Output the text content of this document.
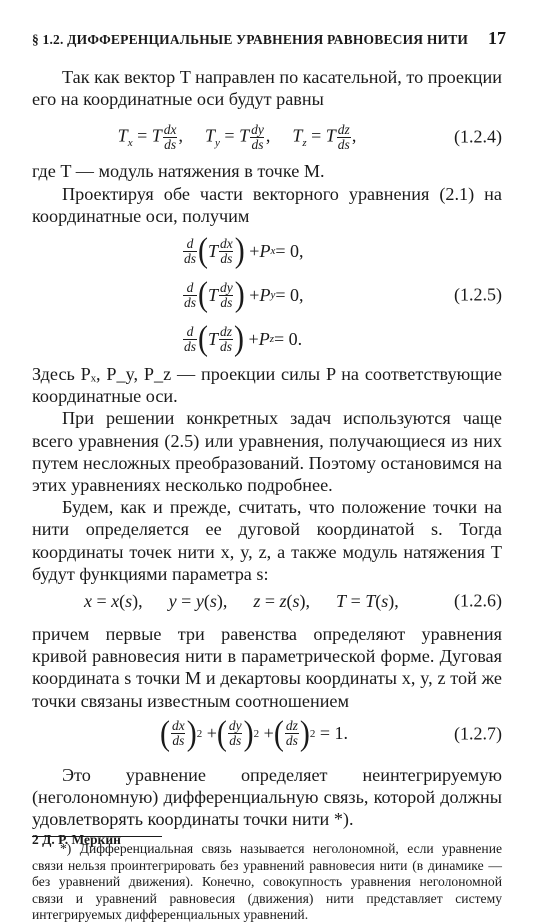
§ 1.2. ДИФФЕРЕНЦИАЛЬНЫЕ УРАВНЕНИЯ РАВНОВЕСИЯ НИТИ 17

Так как вектор T направлен по касательной, то проекции его на координатные оси будут равны

$T_x = T \frac{dx}{ds}$ , $T_y = T \frac{dy}{ds}$ , $T_z = T \frac{dz}{ds}$ ,	(1.2.4)

где T — модуль натяжения в точке M.

Проектируя обе части векторного уравнения (2.1) на координатные оси, получим

$\frac{d}{ds}$ ( T $\frac{dx}{ds}$ ) + P x = 0,
$\frac{d}{ds}$ ( T $\frac{dy}{ds}$ ) + P y = 0,
$\frac{d}{ds}$ ( T $\frac{dz}{ds}$ ) + P z = 0.
(1.2.5)

Здесь Pₓ, P_y, P_z — проекции силы P на соответствующие координатные оси.

При решении конкретных задач используются чаще всего уравнения (2.5) или уравнения, получающиеся из них путем несложных преобразований. Поэтому остановимся на этих уравнениях несколько подробнее.

Будем, как и прежде, считать, что положение точки на нити определяется ее дуговой координатой s. Тогда координаты точек нити x, y, z, а также модуль натяжения T будут функциями параметра s:

x = x(s), y = y(s), z = z(s), T = T(s),	(1.2.6)

причем первые три равенства определяют уравнения кривой равновесия нити в параметрической форме. Дуговая координата s точки M и декартовы координаты x, y, z той же точки связаны известным соотношением

( $\frac{dx}{ds}$ ) 2 + ( $\frac{dy}{ds}$ ) 2 + ( $\frac{dz}{ds}$ ) 2 = 1.	(1.2.7)

Это уравнение определяет неинтегрируемую (неголономную) дифференциальную связь, которой должны удовлетворять координаты точки нити *).

*) Дифференциальная связь называется неголономной, если уравнение связи нельзя проинтегрировать без уравнений равновесия нити (в динамике — без уравнений движения). Конечно, совокупность уравнения неголономной связи и уравнений равновесия (движения) нити представляет систему интегрируемых дифференциальных уравнений.

2 Д. Р. Меркин
